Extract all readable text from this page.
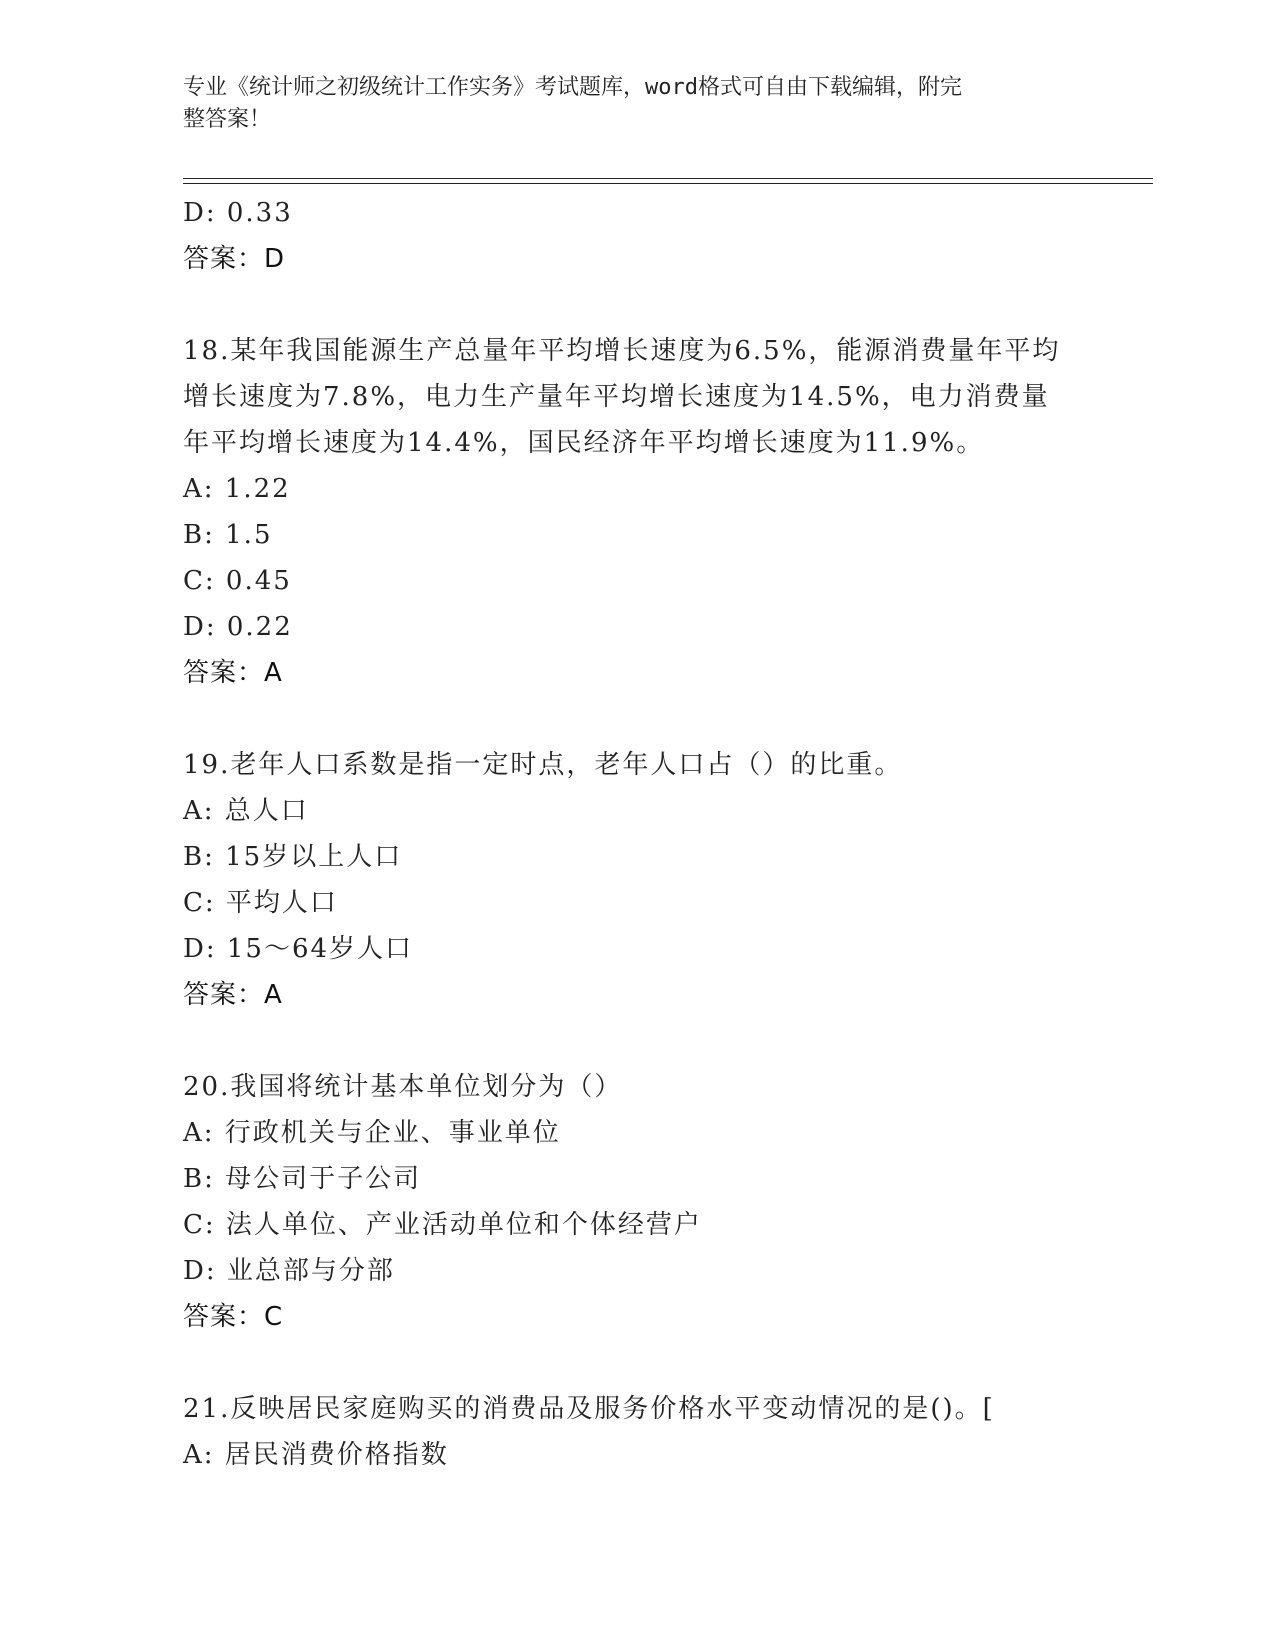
专业《统计师之初级统计工作实务》考试题库，word格式可自由下载编辑，附完
整答案！
D: 0.33
答案：D
18.某年我国能源生产总量年平均增长速度为6.5%，能源消费量年平均
增长速度为7.8%，电力生产量年平均增长速度为14.5%，电力消费量
年平均增长速度为14.4%，国民经济年平均增长速度为11.9%。
A: 1.22
B: 1.5
C: 0.45
D: 0.22
答案：A
19.老年人口系数是指一定时点，老年人口占（）的比重。
A: 总人口
B: 15岁以上人口
C: 平均人口
D: 15～64岁人口
答案：A
20.我国将统计基本单位划分为（）
A: 行政机关与企业、事业单位
B: 母公司于子公司
C: 法人单位、产业活动单位和个体经营户
D: 业总部与分部
答案：C
21.反映居民家庭购买的消费品及服务价格水平变动情况的是()。[
A: 居民消费价格指数
